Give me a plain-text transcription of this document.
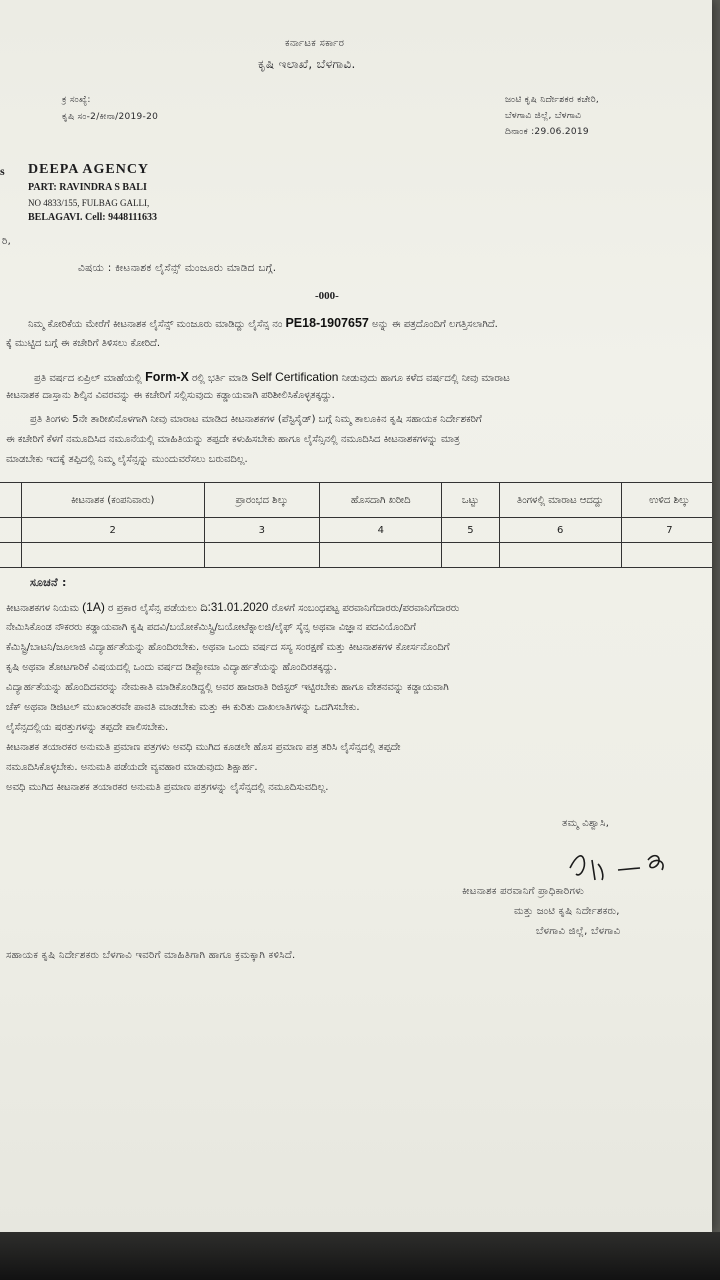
ಕರ್ನಾಟಕ ಸರ್ಕಾರ
ಕೃಷಿ ಇಲಾಖೆ, ಬೆಳಗಾವಿ.
ಕ್ರ ಸಂಖ್ಯೆ:
ಕೃಷಿ ಸಂ-2/ಕೀನಾ/2019-20
ಜಂಟಿ ಕೃಷಿ ನಿರ್ದೇಶಕರ ಕಚೇರಿ,
ಬೆಳಗಾವಿ ಜಿಲ್ಲೆ, ಬೆಳಗಾವಿ
ದಿನಾಂಕ :29.06.2019
s DEEPA AGENCY
PART: RAVINDRA S BALI
NO 4833/155, FULBAG GALLI,
BELAGAVI. Cell: 9448111633
ರಿ,
ವಿಷಯ : ಕೀಟನಾಶಕ ಲೈಸೆನ್ಸ್ ಮಂಜೂರು ಮಾಡಿದ ಬಗ್ಗೆ.
-000-
ನಿಮ್ಮ ಕೋರಿಕೆಯ ಮೇರೆಗೆ ಕೀಟನಾಶಕ ಲೈಸೆನ್ಸ್ ಮಂಜೂರು ಮಾಡಿದ್ದು ಲೈಸೆನ್ಸ ನಂ PE18-1907657 ಅನ್ನು ಈ ಪತ್ರದೊಂದಿಗೆ ಲಗತ್ತಿಸಲಾಗಿದೆ.
ಕ್ಕೆ ಮುಟ್ಟಿದ ಬಗ್ಗೆ ಈ ಕಚೇರಿಗೆ ತಿಳಿಸಲು ಕೋರಿದೆ.
ಪ್ರತಿ ವರ್ಷದ ಏಪ್ರಿಲ್ ಮಾಹೆಯಲ್ಲಿ Form-X ರಲ್ಲಿ ಭರ್ತಿ ಮಾಡಿ Self Certification ನೀಡುವುದು ಹಾಗೂ ಕಳೆದ ವರ್ಷದಲ್ಲಿ ನೀವು ಮಾರಾಟ
ಕೀಟನಾಶಕ ದಾಸ್ತಾನು ಶಿಲ್ಕಿನ ವಿವರವನ್ನು ಈ ಕಚೇರಿಗೆ ಸಲ್ಲಿಸುವುದು ಕಡ್ಡಾಯವಾಗಿ ಪರಿಶೀಲಿಸಿಕೊಳ್ಳತಕ್ಕದ್ದು.
ಪ್ರತಿ ತಿಂಗಳು 5ನೇ ತಾರೀಖಿನೊಳಗಾಗಿ ನೀವು ಮಾರಾಟ ಮಾಡಿದ ಕೀಟನಾಶಕಗಳ (ಪೆಸ್ಟಿಸೈಡ್) ಬಗ್ಗೆ ನಿಮ್ಮ ತಾಲೂಕಿನ ಕೃಷಿ ಸಹಾಯಕ ನಿರ್ದೇಶಕರಿಗೆ
ಈ ಕಚೇರಿಗೆ ಕೆಳಗೆ ನಮೂದಿಸಿದ ನಮೂನೆಯಲ್ಲಿ ಮಾಹಿತಿಯನ್ನು ತಪ್ಪದೇ ಕಳುಹಿಸಬೇಕು ಹಾಗೂ ಲೈಸೆನ್ಸಿನಲ್ಲಿ ನಮೂದಿಸಿದ ಕೀಟನಾಶಕಗಳನ್ನು ಮಾತ್ರ
ಮಾಡಬೇಕು ಇದಕ್ಕೆ ತಪ್ಪಿದಲ್ಲಿ ನಿಮ್ಮ ಲೈಸೆನ್ಸನ್ನು ಮುಂದುವರೆಸಲು ಬರುವದಿಲ್ಲ.
	ಕೀಟನಾಶಕ (ಕಂಪನಿವಾರು)	ಪ್ರಾರಂಭದ ಶಿಲ್ಕು	ಹೊಸದಾಗಿ ಖರೀದಿ	ಒಟ್ಟು	ತಿಂಗಳಲ್ಲಿ ಮಾರಾಟ ಆದದ್ದು	ಉಳಿದ ಶಿಲ್ಕು
	2	3	4	5	6	7

ಸೂಚನೆ :
ಕೀಟನಾಶಕಗಳ ನಿಯಮ (1A) ರ ಪ್ರಕಾರ ಲೈಸೆನ್ಸ ಪಡೆಯಲು ದಿ:31.01.2020 ರೊಳಗೆ ಸಂಬಂಧಪಟ್ಟ ಪರವಾನಿಗೆದಾರರು/ಪರವಾನಿಗೆದಾರರು
ನೇಮಿಸಿಕೊಂಡ ನೌಕರರು ಕಡ್ಡಾಯವಾಗಿ ಕೃಷಿ ಪದವಿ/ಬಯೋಕೆಮಿಸ್ಟ್ರಿ/ಬಯೋಟೆಕ್ನಾಲಜಿ/ಲೈಫ್ ಸೈನ್ಸ ಅಥವಾ ವಿಜ್ಞಾನ ಪದವಿಯೊಂದಿಗೆ
ಕೆಮಿಸ್ಟ್ರಿ/ಬಾಟನಿ/ಜೂಲಾಜಿ ವಿದ್ಯಾರ್ಹತೆಯನ್ನು ಹೊಂದಿರಬೇಕು. ಅಥವಾ ಒಂದು ವರ್ಷದ ಸಸ್ಯ ಸಂರಕ್ಷಣೆ ಮತ್ತು ಕೀಟನಾಶಕಗಳ ಕೋರ್ಸನೊಂದಿಗೆ
ಕೃಷಿ ಅಥವಾ ತೋಟಗಾರಿಕೆ ವಿಷಯದಲ್ಲಿ ಒಂದು ವರ್ಷದ ಡಿಪ್ಲೋಮಾ ವಿದ್ಯಾರ್ಹತೆಯನ್ನು ಹೊಂದಿರತಕ್ಕದ್ದು.
ವಿದ್ಯಾರ್ಹತೆಯನ್ನು ಹೊಂದಿದವರನ್ನು ನೇಮಕಾತಿ ಮಾಡಿಕೊಂಡಿದ್ದಲ್ಲಿ ಅವರ ಹಾಜರಾತಿ ರಿಜಿಸ್ಟರ್ ಇಟ್ಟಿರಬೇಕು ಹಾಗೂ ವೇತನವನ್ನು ಕಡ್ಡಾಯವಾಗಿ
ಚೆಕ್ ಅಥವಾ ಡಿಜಿಟಲ್ ಮುಖಾಂತರವೇ ಪಾವತಿ ಮಾಡಬೇಕು ಮತ್ತು ಈ ಕುರಿತು ದಾಖಲಾತಿಗಳನ್ನು ಒದಗಿಸಬೇಕು.
ಲೈಸೆನ್ಸದಲ್ಲಿಯ ಷರತ್ತುಗಳನ್ನು ತಪ್ಪದೇ ಪಾಲಿಸಬೇಕು.
ಕೀಟನಾಶಕ ತಯಾರಕರ ಅನುಮತಿ ಪ್ರಮಾಣ ಪತ್ರಗಳು ಅವಧಿ ಮುಗಿದ ಕೂಡಲೇ ಹೊಸ ಪ್ರಮಾಣ ಪತ್ರ ತರಿಸಿ ಲೈಸೆನ್ಸದಲ್ಲಿ ತಪ್ಪದೇ
ನಮೂದಿಸಿಕೊಳ್ಳಬೇಕು. ಅನುಮತಿ ಪಡೆಯದೇ ವ್ಯವಹಾರ ಮಾಡುವುದು ಶಿಕ್ಷಾರ್ಹ.
ಅವಧಿ ಮುಗಿದ ಕೀಟನಾಶಕ ತಯಾರಕರ ಅನುಮತಿ ಪ್ರಮಾಣ ಪತ್ರಗಳನ್ನು ಲೈಸೆನ್ಸದಲ್ಲಿ ನಮೂದಿಸುವದಿಲ್ಲ.
ತಮ್ಮ ವಿಶ್ವಾಸಿ,
ಕೀಟನಾಶಕ ಪರವಾನಿಗೆ ಪ್ರಾಧಿಕಾರಿಗಳು
ಮತ್ತು ಜಂಟಿ ಕೃಷಿ ನಿರ್ದೇಶಕರು,
ಬೆಳಗಾವಿ ಜಿಲ್ಲೆ, ಬೆಳಗಾವಿ
ಸಹಾಯಕ ಕೃಷಿ ನಿರ್ದೇಶಕರು ಬೆಳಗಾವಿ ಇವರಿಗೆ ಮಾಹಿತಿಗಾಗಿ ಹಾಗೂ ಕ್ರಮಕ್ಕಾಗಿ ಕಳಿಸಿದೆ.
